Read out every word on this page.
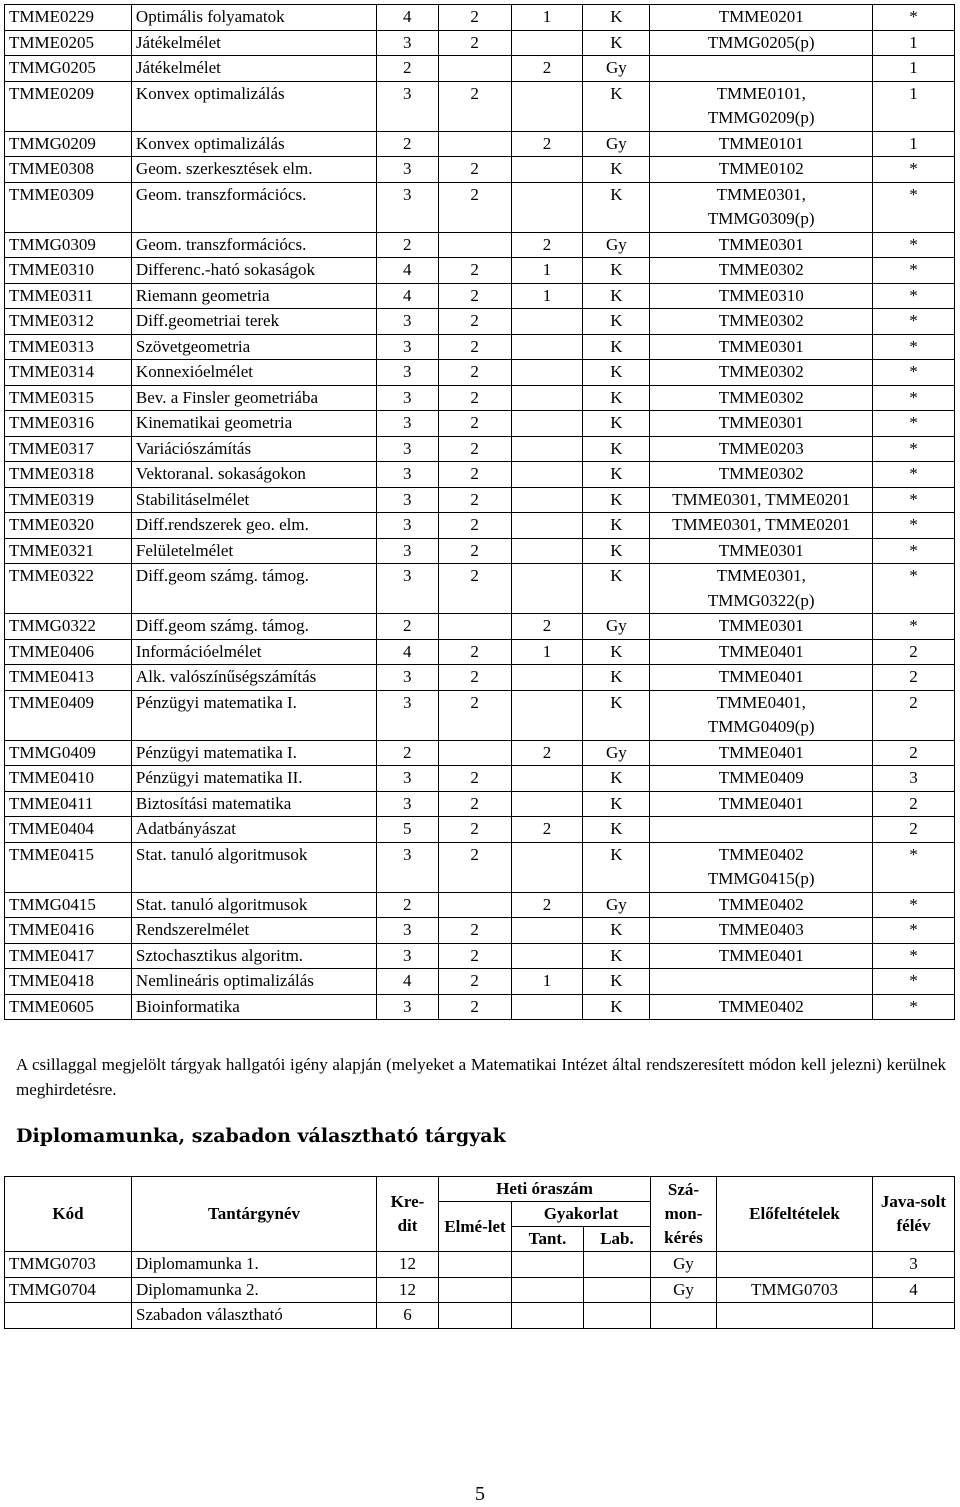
TMME0229	Optimális folyamatok	4	2	1	K	TMME0201	*
TMME0205	Játékelmélet	3	2		K	TMMG0205(p)	1
TMMG0205	Játékelmélet	2		2	Gy		1
TMME0209	Konvex optimalizálás	3	2		K	TMME0101, TMMG0209(p)	1
TMMG0209	Konvex optimalizálás	2		2	Gy	TMME0101	1
TMME0308	Geom. szerkesztések elm.	3	2		K	TMME0102	*
TMME0309	Geom. transzformációcs.	3	2		K	TMME0301, TMMG0309(p)	*
TMMG0309	Geom. transzformációcs.	2		2	Gy	TMME0301	*
TMME0310	Differenc.-ható sokaságok	4	2	1	K	TMME0302	*
TMME0311	Riemann geometria	4	2	1	K	TMME0310	*
TMME0312	Diff.geometriai terek	3	2		K	TMME0302	*
TMME0313	Szövetgeometria	3	2		K	TMME0301	*
TMME0314	Konnexióelmélet	3	2		K	TMME0302	*
TMME0315	Bev. a Finsler geometriába	3	2		K	TMME0302	*
TMME0316	Kinematikai geometria	3	2		K	TMME0301	*
TMME0317	Variációszámítás	3	2		K	TMME0203	*
TMME0318	Vektoranal. sokaságokon	3	2		K	TMME0302	*
TMME0319	Stabilitáselmélet	3	2		K	TMME0301, TMME0201	*
TMME0320	Diff.rendszerek geo. elm.	3	2		K	TMME0301, TMME0201	*
TMME0321	Felületelmélet	3	2		K	TMME0301	*
TMME0322	Diff.geom számg. támog.	3	2		K	TMME0301, TMMG0322(p)	*
TMMG0322	Diff.geom számg. támog.	2		2	Gy	TMME0301	*
TMME0406	Információelmélet	4	2	1	K	TMME0401	2
TMME0413	Alk. valószínűségszámítás	3	2		K	TMME0401	2
TMME0409	Pénzügyi matematika I.	3	2		K	TMME0401, TMMG0409(p)	2
TMMG0409	Pénzügyi matematika I.	2		2	Gy	TMME0401	2
TMME0410	Pénzügyi matematika II.	3	2		K	TMME0409	3
TMME0411	Biztosítási matematika	3	2		K	TMME0401	2
TMME0404	Adatbányászat	5	2	2	K		2
TMME0415	Stat. tanuló algoritmusok	3	2		K	TMME0402 TMMG0415(p)	*
TMMG0415	Stat. tanuló algoritmusok	2		2	Gy	TMME0402	*
TMME0416	Rendszerelmélet	3	2		K	TMME0403	*
TMME0417	Sztochasztikus algoritm.	3	2		K	TMME0401	*
TMME0418	Nemlineáris optimalizálás	4	2	1	K		*
TMME0605	Bioinformatika	3	2		K	TMME0402	*
A csillaggal megjelölt tárgyak hallgatói igény alapján (melyeket a Matematikai Intézet által rendszeresített módon kell jelezni) kerülnek meghirdetésre.
Diplomamunka, szabadon választható tárgyak
Kód	Tantárgynév	Kre-dit	Heti óraszám			Szá-mon-kérés	Előfeltételek	Java-solt félév
			Elmé-let	Gyakorlat				
				Tant.	Lab.			
TMMG0703	Diplomamunka 1.	12				Gy		3
TMMG0704	Diplomamunka 2.	12				Gy	TMMG0703	4
	Szabadon választható	6						
5
